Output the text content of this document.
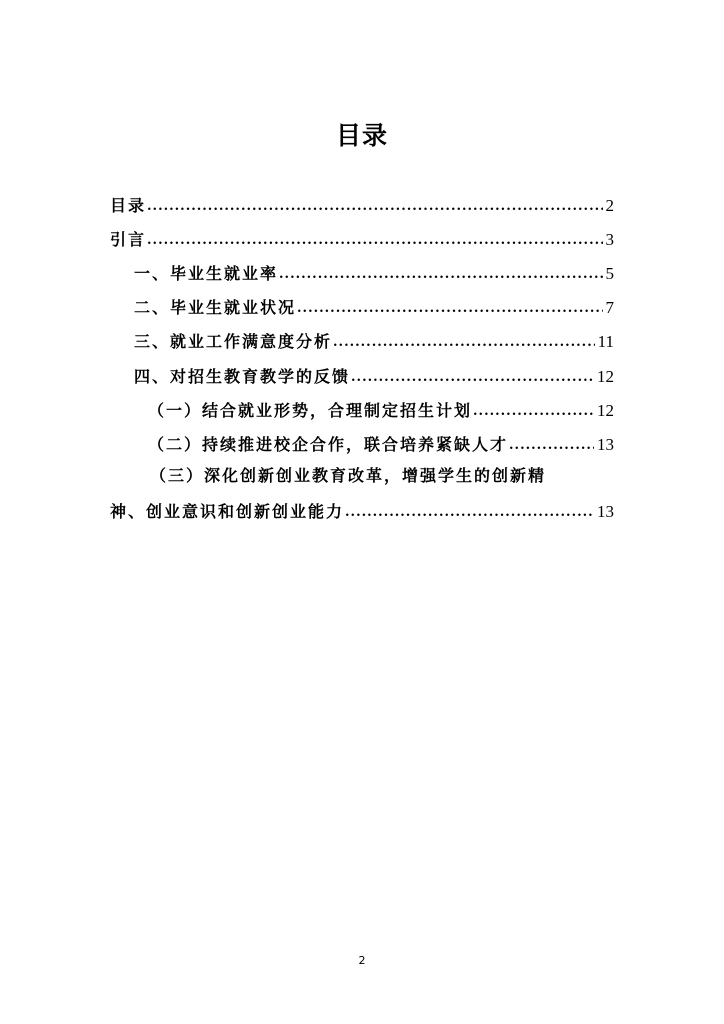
目录
目录 .....	2
引言 .....	3
一、毕业生就业率 .....	5
二、毕业生就业状况 .....	7
三、就业工作满意度分析 .....	11
四、对招生教育教学的反馈 .....	12
（一）结合就业形势，合理制定招生计划 .....	12
（二）持续推进校企合作，联合培养紧缺人才 .....	13
（三）深化创新创业教育改革，增强学生的创新精
神、创业意识和创新创业能力 .....	13
2
